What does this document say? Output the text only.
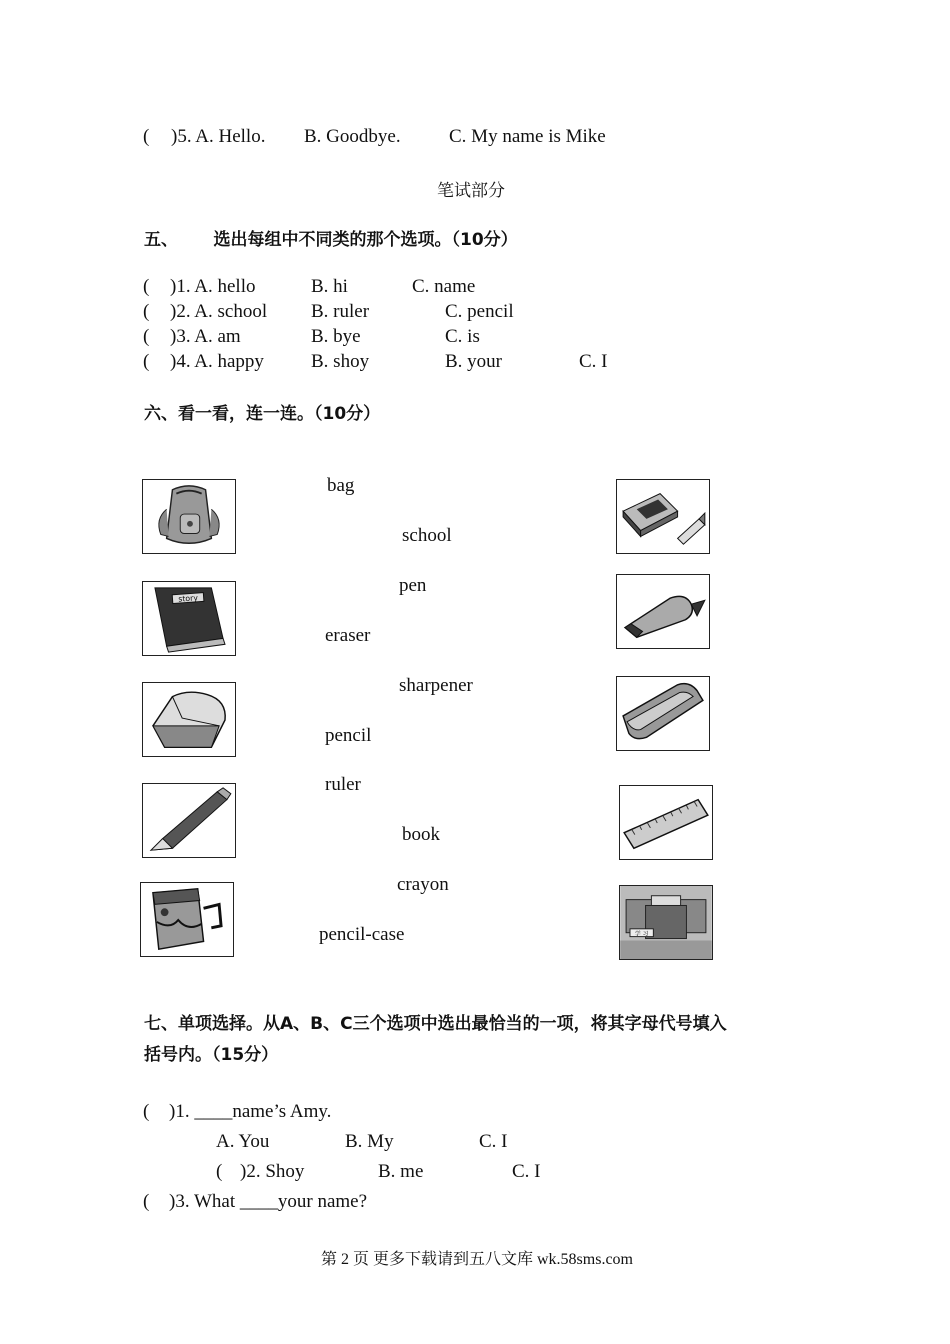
( )5. A. Hello. B. Goodbye.	C. My name is Mike
笔试部分
五、      选出每组中不同类的那个选项。（10分）
( )1. A. hello	B. hi	C. name
( )2. A. school B. ruler	C. pencil
( )3. A. am	B. bye	C. is
( )4. A. happy B. shoy	B. your	C. I
六、看一看，连一连。（10分）
bag
school
pen
eraser
sharpener
pencil
ruler
book
crayon
pencil-case
story
学 习
七、单项选择。从A、B、C三个选项中选出最恰当的一项，将其字母代号填入
括号内。（15分）
( )1. ____name’s Amy.
A. You	B. My	C. I
( )2. Shoy	B. me	C. I
( )3. What ____your name?
第 2 页 更多下载请到五八文库 wk.58sms.com
